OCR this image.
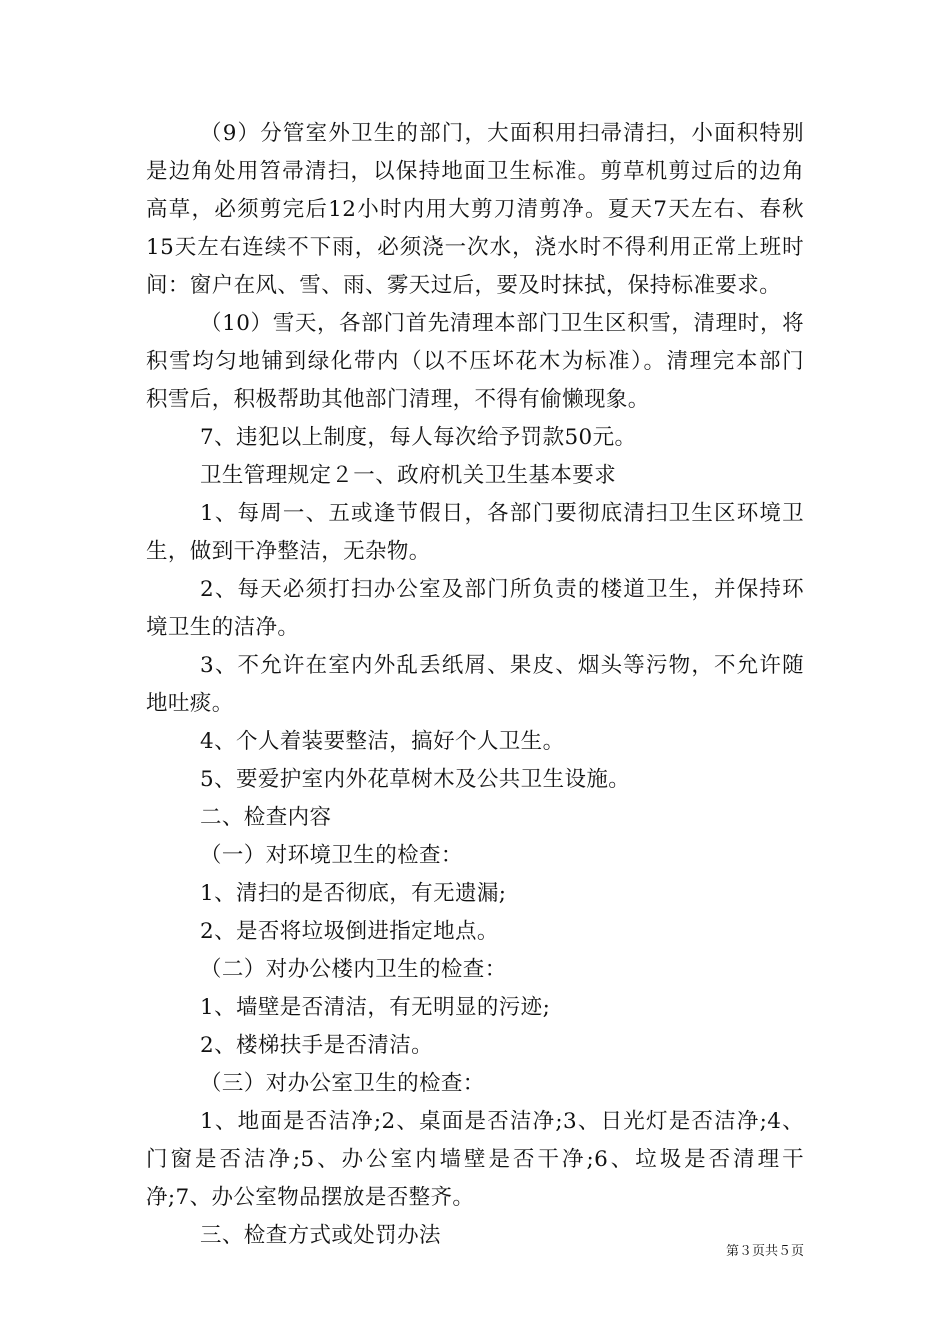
（9）分管室外卫生的部门，大面积用扫帚清扫，小面积特别
是边角处用笤帚清扫，以保持地面卫生标准。剪草机剪过后的边角
高草，必须剪完后12小时内用大剪刀清剪净。夏天7天左右、春秋
15天左右连续不下雨，必须浇一次水，浇水时不得利用正常上班时
间：窗户在风、雪、雨、雾天过后，要及时抹拭，保持标准要求。
（10）雪天，各部门首先清理本部门卫生区积雪，清理时，将
积雪均匀地铺到绿化带内（以不压坏花木为标准）。清理完本部门
积雪后，积极帮助其他部门清理，不得有偷懒现象。
7、违犯以上制度，每人每次给予罚款50元。
卫生管理规定２一、政府机关卫生基本要求
1、每周一、五或逢节假日，各部门要彻底清扫卫生区环境卫
生，做到干净整洁，无杂物。
2、每天必须打扫办公室及部门所负责的楼道卫生，并保持环
境卫生的洁净。
3、不允许在室内外乱丢纸屑、果皮、烟头等污物，不允许随
地吐痰。
4、个人着装要整洁，搞好个人卫生。
5、要爱护室内外花草树木及公共卫生设施。
二、检查内容
（一）对环境卫生的检查：
1、清扫的是否彻底，有无遗漏;
2、是否将垃圾倒进指定地点。
（二）对办公楼内卫生的检查：
1、墙壁是否清洁，有无明显的污迹;
2、楼梯扶手是否清洁。
（三）对办公室卫生的检查：
1、地面是否洁净;2、桌面是否洁净;3、日光灯是否洁净;4、
门窗是否洁净;5、办公室内墙壁是否干净;6、垃圾是否清理干
净;7、办公室物品摆放是否整齐。
三、检查方式或处罚办法
第３页共５页
